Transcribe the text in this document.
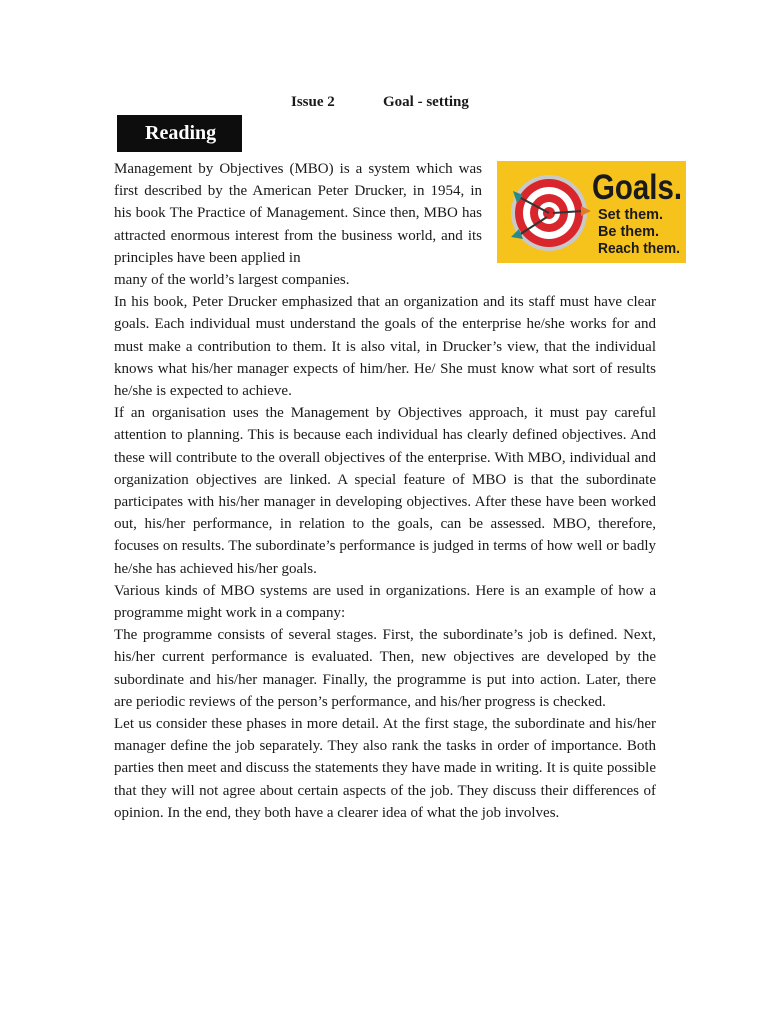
Issue 2	Goal - setting
Reading
Goals.
Set them.
Be them.
Reach them.

Management by Objectives (MBO) is a system which was first described by the American Peter Drucker, in 1954, in his book The Practice of Management. Since then, MBO has attracted enormous interest from the business world, and its principles have been applied in

many of the world’s largest companies.

In his book, Peter Drucker emphasized that an organization and its staff must have clear goals. Each individual must understand the goals of the enterprise he/she works for and must make a contribution to them. It is also vital, in Drucker’s view, that the individual knows what his/her manager expects of him/her. He/ She must know what sort of results he/she is expected to achieve.

If an organisation uses the Management by Objectives approach, it must pay careful attention to planning. This is because each individual has clearly defined objectives. And these will contribute to the overall objectives of the enterprise. With MBO, individual and organization objectives are linked. A special feature of MBO is that the subordinate participates with his/her manager in developing objectives. After these have been worked out, his/her performance, in relation to the goals, can be assessed. MBO, therefore, focuses on results. The subordinate’s performance is judged in terms of how well or badly he/she has achieved his/her goals.

Various kinds of MBO systems are used in organizations. Here is an example of how a programme might work in a company:

The programme consists of several stages. First, the subordinate’s job is defined. Next, his/her current performance is evaluated. Then, new objectives are developed by the subordinate and his/her manager. Finally, the programme is put into action. Later, there are periodic reviews of the person’s performance, and his/her progress is checked.

Let us consider these phases in more detail. At the first stage, the subordinate and his/her manager define the job separately. They also rank the tasks in order of importance. Both parties then meet and discuss the statements they have made in writing. It is quite possible that they will not agree about certain aspects of the job. They discuss their differences of opinion. In the end, they both have a clearer idea of what the job involves.
